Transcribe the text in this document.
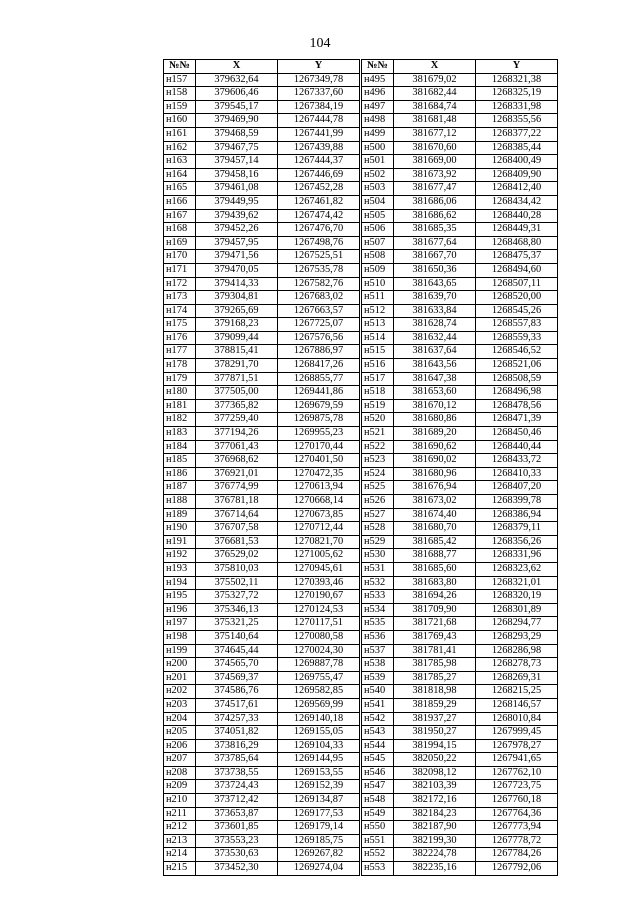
104
№№	X	Y
н157	379632,64	1267349,78
н158	379606,46	1267337,60
н159	379545,17	1267384,19
н160	379469,90	1267444,78
н161	379468,59	1267441,99
н162	379467,75	1267439,88
н163	379457,14	1267444,37
н164	379458,16	1267446,69
н165	379461,08	1267452,28
н166	379449,95	1267461,82
н167	379439,62	1267474,42
н168	379452,26	1267476,70
н169	379457,95	1267498,76
н170	379471,56	1267525,51
н171	379470,05	1267535,78
н172	379414,33	1267582,76
н173	379304,81	1267683,02
н174	379265,69	1267663,57
н175	379168,23	1267725,07
н176	379099,44	1267576,56
н177	378815,41	1267886,97
н178	378291,70	1268417,26
н179	377871,51	1268855,77
н180	377505,00	1269441,86
н181	377365,82	1269679,59
н182	377259,40	1269875,78
н183	377194,26	1269955,23
н184	377061,43	1270170,44
н185	376968,62	1270401,50
н186	376921,01	1270472,35
н187	376774,99	1270613,94
н188	376781,18	1270668,14
н189	376714,64	1270673,85
н190	376707,58	1270712,44
н191	376681,53	1270821,70
н192	376529,02	1271005,62
н193	375810,03	1270945,61
н194	375502,11	1270393,46
н195	375327,72	1270190,67
н196	375346,13	1270124,53
н197	375321,25	1270117,51
н198	375140,64	1270080,58
н199	374645,44	1270024,30
н200	374565,70	1269887,78
н201	374569,37	1269755,47
н202	374586,76	1269582,85
н203	374517,61	1269569,99
н204	374257,33	1269140,18
н205	374051,82	1269155,05
н206	373816,29	1269104,33
н207	373785,64	1269144,95
н208	373738,55	1269153,55
н209	373724,43	1269152,39
н210	373712,42	1269134,87
н211	373653,87	1269177,53
н212	373601,85	1269179,14
н213	373553,23	1269185,75
н214	373530,63	1269267,82
н215	373452,30	1269274,04
№№	X	Y
н495	381679,02	1268321,38
н496	381682,44	1268325,19
н497	381684,74	1268331,98
н498	381681,48	1268355,56
н499	381677,12	1268377,22
н500	381670,60	1268385,44
н501	381669,00	1268400,49
н502	381673,92	1268409,90
н503	381677,47	1268412,40
н504	381686,06	1268434,42
н505	381686,62	1268440,28
н506	381685,35	1268449,31
н507	381677,64	1268468,80
н508	381667,70	1268475,37
н509	381650,36	1268494,60
н510	381643,65	1268507,11
н511	381639,70	1268520,00
н512	381633,84	1268545,26
н513	381628,74	1268557,83
н514	381632,44	1268559,33
н515	381637,64	1268546,52
н516	381643,56	1268521,06
н517	381647,38	1268508,59
н518	381653,60	1268496,98
н519	381670,12	1268478,56
н520	381680,86	1268471,39
н521	381689,20	1268450,46
н522	381690,62	1268440,44
н523	381690,02	1268433,72
н524	381680,96	1268410,33
н525	381676,94	1268407,20
н526	381673,02	1268399,78
н527	381674,40	1268386,94
н528	381680,70	1268379,11
н529	381685,42	1268356,26
н530	381688,77	1268331,96
н531	381685,60	1268323,62
н532	381683,80	1268321,01
н533	381694,26	1268320,19
н534	381709,90	1268301,89
н535	381721,68	1268294,77
н536	381769,43	1268293,29
н537	381781,41	1268286,98
н538	381785,98	1268278,73
н539	381785,27	1268269,31
н540	381818,98	1268215,25
н541	381859,29	1268146,57
н542	381937,27	1268010,84
н543	381950,27	1267999,45
н544	381994,15	1267978,27
н545	382050,22	1267941,65
н546	382098,12	1267762,10
н547	382103,39	1267723,75
н548	382172,16	1267760,18
н549	382184,23	1267764,36
н550	382187,90	1267773,94
н551	382199,30	1267778,72
н552	382224,78	1267784,26
н553	382235,16	1267792,06
